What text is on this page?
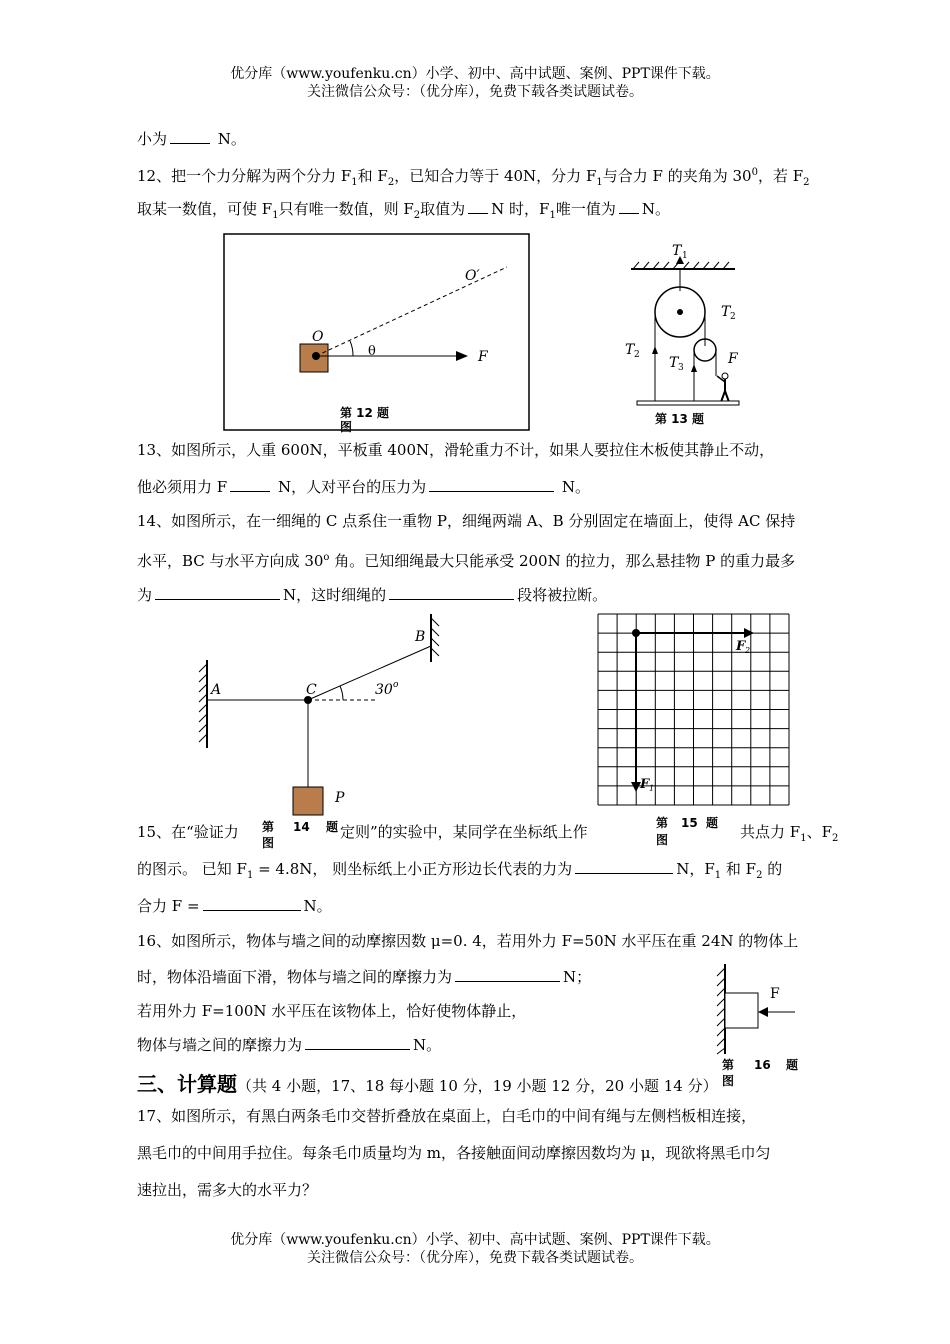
优分库（www.youfenku.cn）小学、初中、高中试题、案例、PPT课件下载。
关注微信公众号：（优分库），免费下载各类试题试卷。
小为	N。
12、把一个力分解为两个分力 $F_1$和 $F_2$，已知合力等于 40N，分力 $F_1$与合力 F 的夹角为 $30^0$，若 $F_2$
取某一数值，可使 $F_1$只有唯一数值，则 $F_2$取值为 N 时，$F_1$唯一值为 N。
O
O′
θ	F
第 12 题
图
T 1
T 2
T 2 T 3
F
第 13 题
13、如图所示，人重 600N，平板重 400N，滑轮重力不计，如果人要拉住木板使其静止不动，
他必须用力 F	N，人对平台的压力为	N。
14、如图所示，在一细绳的 C 点系住一重物 P，细绳两端 A、B 分别固定在墙面上，使得 AC 保持
水平，BC 与水平方向成 30$^o$ 角。已知细绳最大只能承受 200N 的拉力，那么悬挂物 P 的重力最多
为	N，这时细绳的	段将被拉断。
A
B
C	30 o
P
F 2
F 1
第
图
14 题	第
图
15 题
15、在“验证力	定则”的实验中，某同学在坐标纸上作	共点力 $F_1$、$F_2$
的图示。 已知 $F_1 = 4.8N$， 则坐标纸上小正方形边长代表的力为	N，$F_1$ 和 $F_2$ 的
合力 F =	N。
16、如图所示，物体与墙之间的动摩擦因数 μ=0. 4，若用外力 F=50N 水平压在重 24N 的物体上
时，物体沿墙面下滑，物体与墙之间的摩擦力为	N；
若用外力 F=100N 水平压在该物体上，恰好使物体静止，
物体与墙之间的摩擦力为	N。
F
第
图
16 题
三、计算题（共 4 小题，17、18 每小题 10 分，19 小题 12 分，20 小题 14 分）
17、如图所示，有黑白两条毛巾交替折叠放在桌面上，白毛巾的中间有绳与左侧档板相连接，
黑毛巾的中间用手拉住。每条毛巾质量均为 m，各接触面间动摩擦因数均为 μ，现欲将黑毛巾匀
速拉出，需多大的水平力？
优分库（www.youfenku.cn）小学、初中、高中试题、案例、PPT课件下载。
关注微信公众号：（优分库），免费下载各类试题试卷。
